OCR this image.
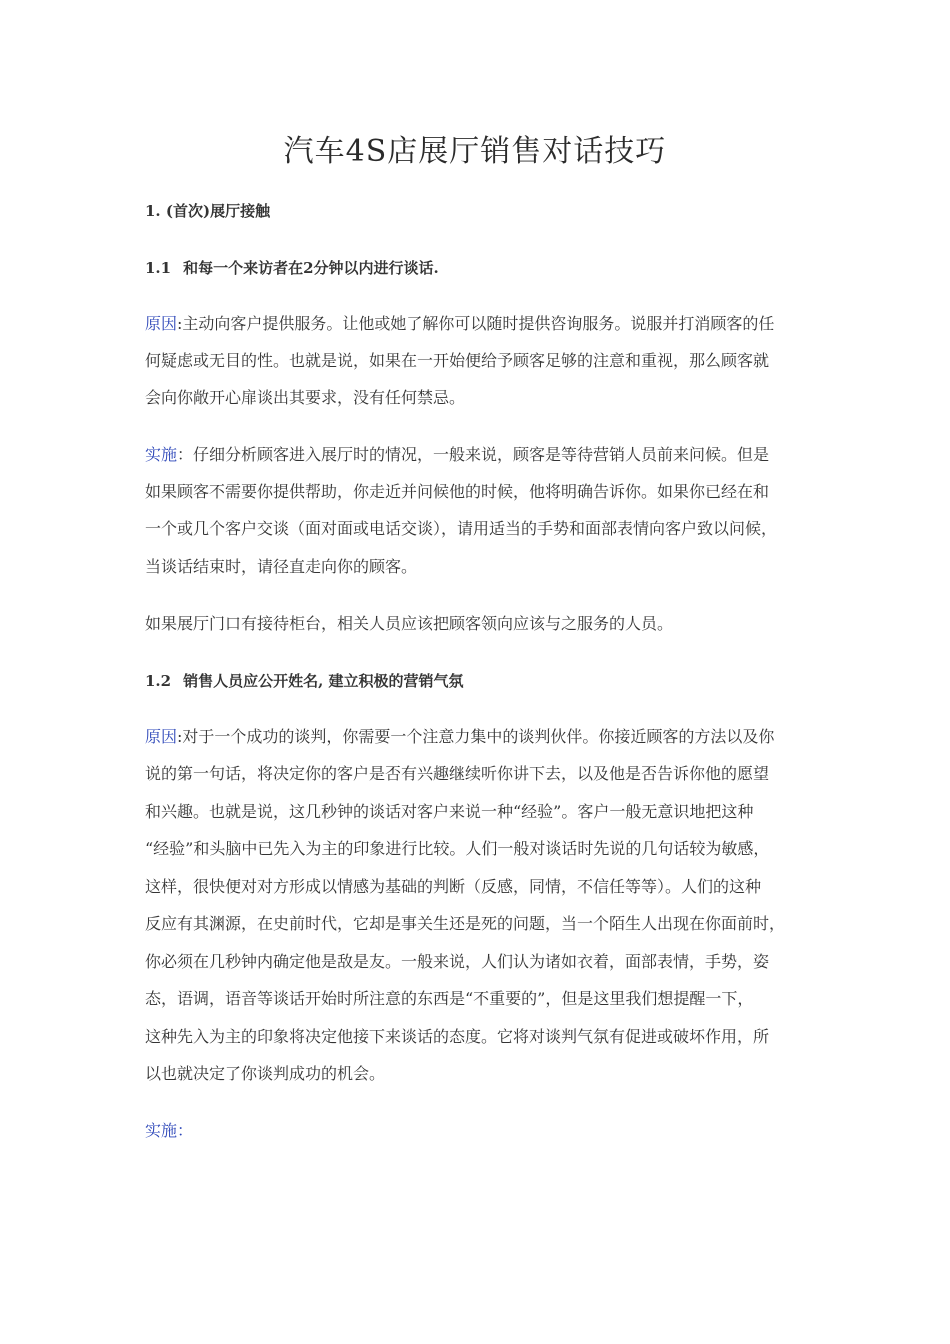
汽车4S店展厅销售对话技巧
1. (首次)展厅接触
1.1 和每一个来访者在2分钟以内进行谈话.
原因:主动向客户提供服务。让他或她了解你可以随时提供咨询服务。说服并打消顾客的任
何疑虑或无目的性。也就是说，如果在一开始便给予顾客足够的注意和重视，那么顾客就
会向你敞开心扉谈出其要求，没有任何禁忌。
实施：仔细分析顾客进入展厅时的情况，一般来说，顾客是等待营销人员前来问候。但是
如果顾客不需要你提供帮助，你走近并问候他的时候，他将明确告诉你。如果你已经在和
一个或几个客户交谈（面对面或电话交谈），请用适当的手势和面部表情向客户致以问候，
当谈话结束时，请径直走向你的顾客。
如果展厅门口有接待柜台，相关人员应该把顾客领向应该与之服务的人员。
1.2 销售人员应公开姓名, 建立积极的营销气氛
原因:对于一个成功的谈判，你需要一个注意力集中的谈判伙伴。你接近顾客的方法以及你
说的第一句话，将决定你的客户是否有兴趣继续听你讲下去，以及他是否告诉你他的愿望
和兴趣。也就是说，这几秒钟的谈话对客户来说一种“经验”。客户一般无意识地把这种
“经验”和头脑中已先入为主的印象进行比较。人们一般对谈话时先说的几句话较为敏感，
这样，很快便对对方形成以情感为基础的判断（反感，同情，不信任等等）。人们的这种
反应有其渊源，在史前时代，它却是事关生还是死的问题，当一个陌生人出现在你面前时，
你必须在几秒钟内确定他是敌是友。一般来说，人们认为诸如衣着，面部表情，手势，姿
态，语调，语音等谈话开始时所注意的东西是“不重要的”，但是这里我们想提醒一下，
这种先入为主的印象将决定他接下来谈话的态度。它将对谈判气氛有促进或破坏作用，所
以也就决定了你谈判成功的机会。
实施：
